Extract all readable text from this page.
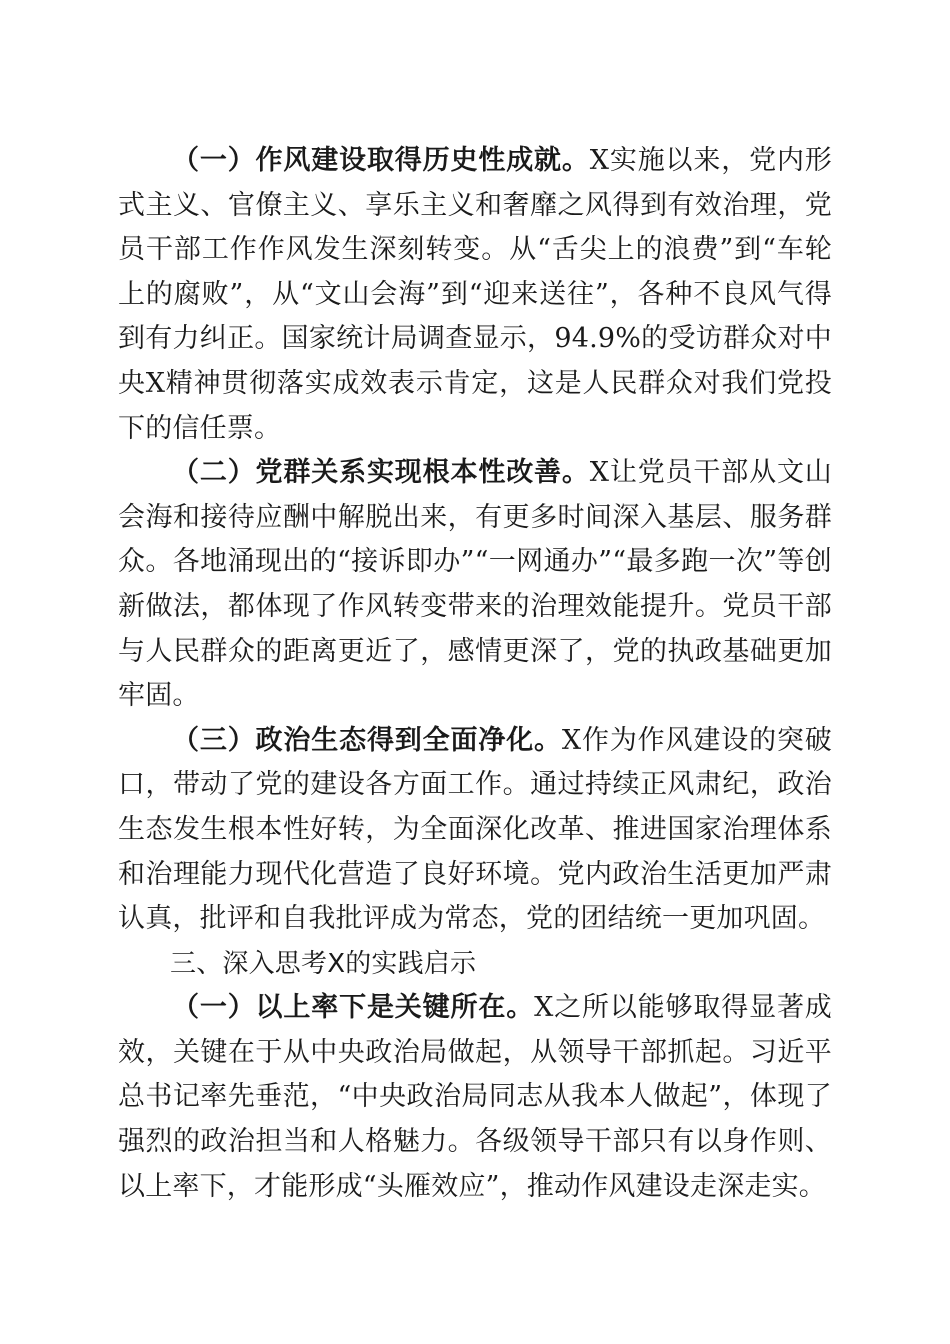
（一）作风建设取得历史性成就。X实施以来，党内形式主义、官僚主义、享乐主义和奢靡之风得到有效治理，党员干部工作作风发生深刻转变。从“舌尖上的浪费”到“车轮上的腐败”，从“文山会海”到“迎来送往”，各种不良风气得到有力纠正。国家统计局调查显示，94.9%的受访群众对中央X精神贯彻落实成效表示肯定，这是人民群众对我们党投下的信任票。

（二）党群关系实现根本性改善。X让党员干部从文山会海和接待应酬中解脱出来，有更多时间深入基层、服务群众。各地涌现出的“接诉即办”“一网通办”“最多跑一次”等创新做法，都体现了作风转变带来的治理效能提升。党员干部与人民群众的距离更近了，感情更深了，党的执政基础更加牢固。

（三）政治生态得到全面净化。X作为作风建设的突破口，带动了党的建设各方面工作。通过持续正风肃纪，政治生态发生根本性好转，为全面深化改革、推进国家治理体系和治理能力现代化营造了良好环境。党内政治生活更加严肃认真，批评和自我批评成为常态，党的团结统一更加巩固。

三、深入思考X的实践启示

（一）以上率下是关键所在。X之所以能够取得显著成效，关键在于从中央政治局做起，从领导干部抓起。习近平总书记率先垂范，“中央政治局同志从我本人做起”，体现了强烈的政治担当和人格魅力。各级领导干部只有以身作则、以上率下，才能形成“头雁效应”，推动作风建设走深走实。
